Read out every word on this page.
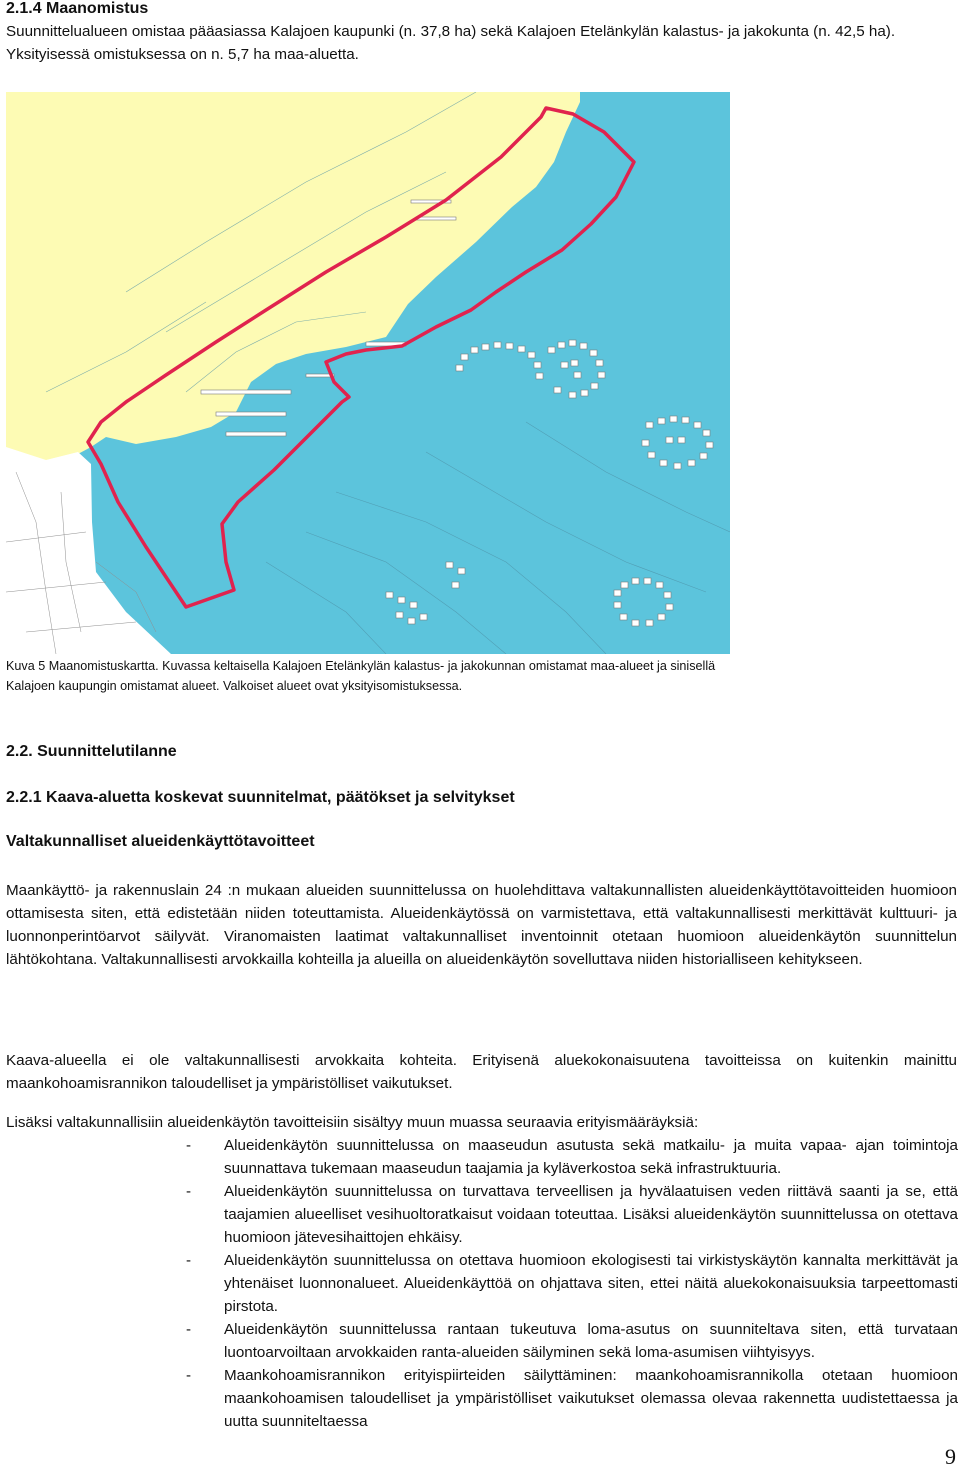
2.1.4 Maanomistus
Suunnittelualueen omistaa pääasiassa Kalajoen kaupunki (n. 37,8 ha) sekä Kalajoen Etelänkylän kalastus- ja jakokunta (n. 42,5 ha). Yksityisessä omistuksessa on n. 5,7 ha maa-aluetta.
Kuva 5 Maanomistuskartta. Kuvassa keltaisella Kalajoen Etelänkylän kalastus- ja jakokunnan omistamat maa-alueet ja sinisellä Kalajoen kaupungin omistamat alueet. Valkoiset alueet ovat yksityisomistuksessa.
2.2. Suunnittelutilanne
2.2.1 Kaava-aluetta koskevat suunnitelmat, päätökset ja selvitykset
Valtakunnalliset alueidenkäyttötavoitteet
Maankäyttö- ja rakennuslain 24 :n mukaan alueiden suunnittelussa on huolehdittava valtakunnallisten alueidenkäyttötavoitteiden huomioon ottamisesta siten, että edistetään niiden toteuttamista. Alueidenkäytössä on varmistettava, että valtakunnallisesti merkittävät kulttuuri- ja luonnonperintöarvot säilyvät. Viranomaisten laatimat valtakunnalliset inventoinnit otetaan huomioon alueidenkäytön suunnittelun lähtökohtana. Valtakunnallisesti arvokkailla kohteilla ja alueilla on alueidenkäytön sovelluttava niiden historialliseen kehitykseen.
Kaava-alueella ei ole valtakunnallisesti arvokkaita kohteita. Erityisenä aluekokonaisuutena tavoitteissa on kuitenkin mainittu maankohoamisrannikon taloudelliset ja ympäristölliset vaikutukset.
Lisäksi valtakunnallisiin alueidenkäytön tavoitteisiin sisältyy muun muassa seuraavia erityismääräyksiä:
- Alueidenkäytön suunnittelussa on maaseudun asutusta sekä matkailu- ja muita vapaa- ajan toimintoja suunnattava tukemaan maaseudun taajamia ja kyläverkostoa sekä infrastruktuuria.
- Alueidenkäytön suunnittelussa on turvattava terveellisen ja hyvälaatuisen veden riittävä saanti ja se, että taajamien alueelliset vesihuoltoratkaisut voidaan toteuttaa. Lisäksi alueidenkäytön suunnittelussa on otettava huomioon jätevesihaittojen ehkäisy.
- Alueidenkäytön suunnittelussa on otettava huomioon ekologisesti tai virkistyskäytön kannalta merkittävät ja yhtenäiset luonnonalueet. Alueidenkäyttöä on ohjattava siten, ettei näitä aluekokonaisuuksia tarpeettomasti pirstota.
- Alueidenkäytön suunnittelussa rantaan tukeutuva loma-asutus on suunniteltava siten, että turvataan luontoarvoiltaan arvokkaiden ranta-alueiden säilyminen sekä loma-asumisen viihtyisyys.
- Maankohoamisrannikon erityispiirteiden säilyttäminen: maankohoamisrannikolla otetaan huomioon maankohoamisen taloudelliset ja ympäristölliset vaikutukset olemassa olevaa rakennetta uudistettaessa ja uutta suunniteltaessa
9
